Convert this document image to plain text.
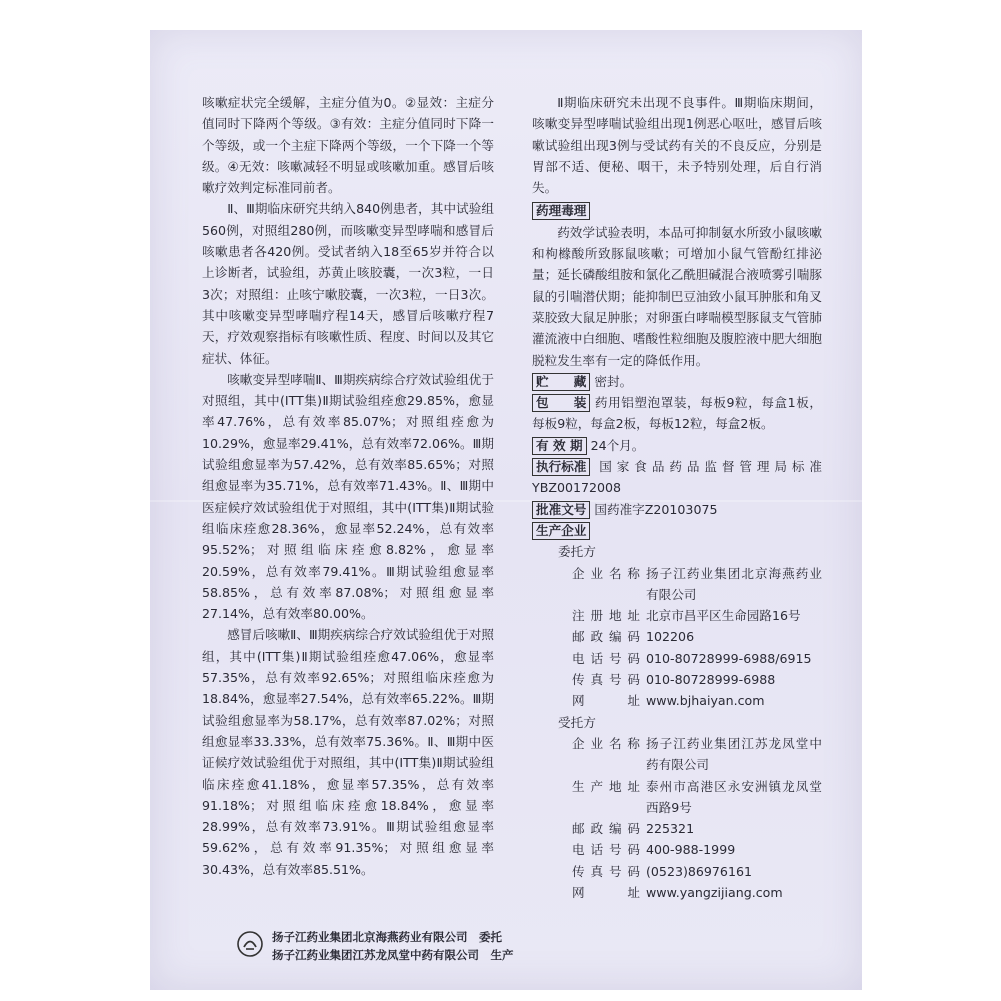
咳嗽症状完全缓解，主症分值为0。②显效：主症分值同时下降两个等级。③有效：主症分值同时下降一个等级，或一个主症下降两个等级，一个下降一个等级。④无效：咳嗽减轻不明显或咳嗽加重。感冒后咳嗽疗效判定标准同前者。

Ⅱ、Ⅲ期临床研究共纳入840例患者，其中试验组560例，对照组280例，而咳嗽变异型哮喘和感冒后咳嗽患者各420例。受试者纳入18至65岁并符合以上诊断者，试验组，苏黄止咳胶囊，一次3粒，一日3次；对照组：止咳宁嗽胶囊，一次3粒，一日3次。其中咳嗽变异型哮喘疗程14天，感冒后咳嗽疗程7天，疗效观察指标有咳嗽性质、程度、时间以及其它症状、体征。

咳嗽变异型哮喘Ⅱ、Ⅲ期疾病综合疗效试验组优于对照组，其中(ITT集)Ⅱ期试验组痊愈29.85%，愈显率47.76%，总有效率85.07%；对照组痊愈为10.29%，愈显率29.41%，总有效率72.06%。Ⅲ期试验组愈显率为57.42%，总有效率85.65%；对照组愈显率为35.71%，总有效率71.43%。Ⅱ、Ⅲ期中医症候疗效试验组优于对照组，其中(ITT集)Ⅱ期试验组临床痊愈28.36%，愈显率52.24%，总有效率95.52%；对照组临床痊愈8.82%，愈显率20.59%，总有效率79.41%。Ⅲ期试验组愈显率58.85%，总有效率87.08%；对照组愈显率27.14%，总有效率80.00%。

感冒后咳嗽Ⅱ、Ⅲ期疾病综合疗效试验组优于对照组，其中(ITT集)Ⅱ期试验组痊愈47.06%，愈显率57.35%，总有效率92.65%；对照组临床痊愈为18.84%，愈显率27.54%，总有效率65.22%。Ⅲ期试验组愈显率为58.17%，总有效率87.02%；对照组愈显率33.33%，总有效率75.36%。Ⅱ、Ⅲ期中医证候疗效试验组优于对照组，其中(ITT集)Ⅱ期试验组临床痊愈41.18%，愈显率57.35%，总有效率91.18%；对照组临床痊愈18.84%，愈显率28.99%，总有效率73.91%。Ⅲ期试验组愈显率59.62%，总有效率91.35%；对照组愈显率30.43%，总有效率85.51%。

Ⅱ期临床研究未出现不良事件。Ⅲ期临床期间，咳嗽变异型哮喘试验组出现1例恶心呕吐，感冒后咳嗽试验组出现3例与受试药有关的不良反应，分别是胃部不适、便秘、咽干，未予特别处理，后自行消失。

药理毒理

药效学试验表明，本品可抑制氨水所致小鼠咳嗽和枸橼酸所致豚鼠咳嗽；可增加小鼠气管酚红排泌量；延长磷酸组胺和氯化乙酰胆碱混合液喷雾引喘豚鼠的引喘潜伏期；能抑制巴豆油致小鼠耳肿胀和角叉菜胶致大鼠足肿胀；对卵蛋白哮喘模型豚鼠支气管肺灌流液中白细胞、嗜酸性粒细胞及腹腔液中肥大细胞脱粒发生率有一定的降低作用。

贮　　藏 密封。

包　　装 药用铝塑泡罩装，每板9粒，每盒1板，每板9粒，每盒2板，每板12粒，每盒2板。

有 效 期 24个月。

执行标准 国家食品药品监督管理局标准YBZ00172008

批准文号 国药准字Z20103075

生产企业

委托方

企业名称 扬子江药业集团北京海燕药业有限公司
注册地址 北京市昌平区生命园路16号
邮政编码 102206
电话号码 010-80728999-6988/6915
传真号码 010-80728999-6988
网　　址 www.bjhaiyan.com

受托方

企业名称 扬子江药业集团江苏龙凤堂中药有限公司
生产地址 泰州市高港区永安洲镇龙凤堂西路9号
邮政编码 225321
电话号码 400-988-1999
传真号码 (0523)86976161
网　　址 www.yangzijiang.com
扬子江药业集团北京海燕药业有限公司　委托
扬子江药业集团江苏龙凤堂中药有限公司　生产
